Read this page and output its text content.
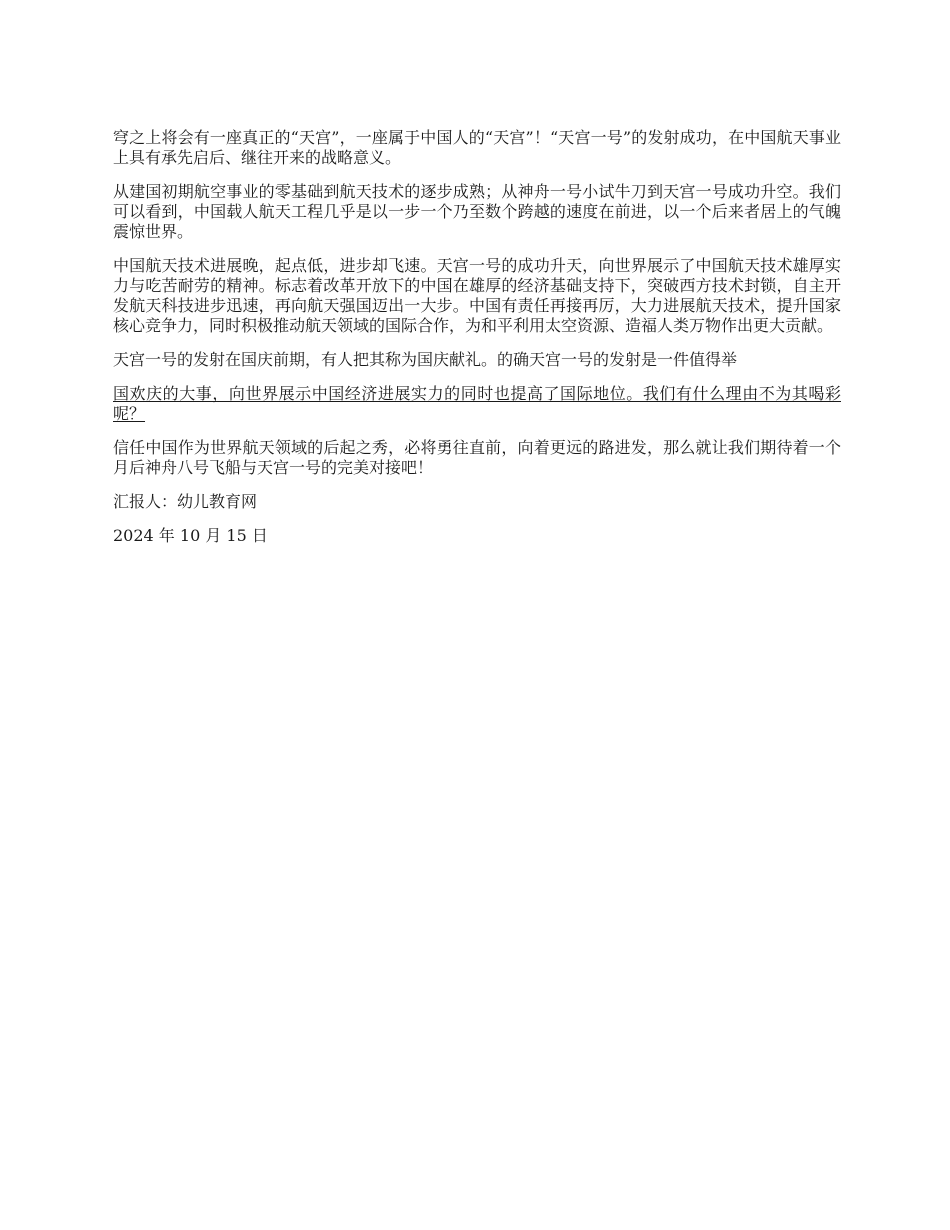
穹之上将会有一座真正的“天宫”，一座属于中国人的“天宫”！“天宫一号”的发射成功，在中国航天事业上具有承先启后、继往开来的战略意义。

从建国初期航空事业的零基础到航天技术的逐步成熟；从神舟一号小试牛刀到天宫一号成功升空。我们可以看到，中国载人航天工程几乎是以一步一个乃至数个跨越的速度在前进，以一个后来者居上的气魄震惊世界。

中国航天技术进展晚，起点低，进步却飞速。天宫一号的成功升天，向世界展示了中国航天技术雄厚实力与吃苦耐劳的精神。标志着改革开放下的中国在雄厚的经济基础支持下，突破西方技术封锁，自主开发航天科技进步迅速，再向航天强国迈出一大步。中国有责任再接再厉，大力进展航天技术，提升国家核心竞争力，同时积极推动航天领域的国际合作，为和平利用太空资源、造福人类万物作出更大贡献。

天宫一号的发射在国庆前期，有人把其称为国庆献礼。的确天宫一号的发射是一件值得举

国欢庆的大事，向世界展示中国经济进展实力的同时也提高了国际地位。我们有什么理由不为其喝彩呢？

信任中国作为世界航天领域的后起之秀，必将勇往直前，向着更远的路进发，那么就让我们期待着一个月后神舟八号飞船与天宫一号的完美对接吧！

汇报人：幼儿教育网

2024 年 10 月 15 日
